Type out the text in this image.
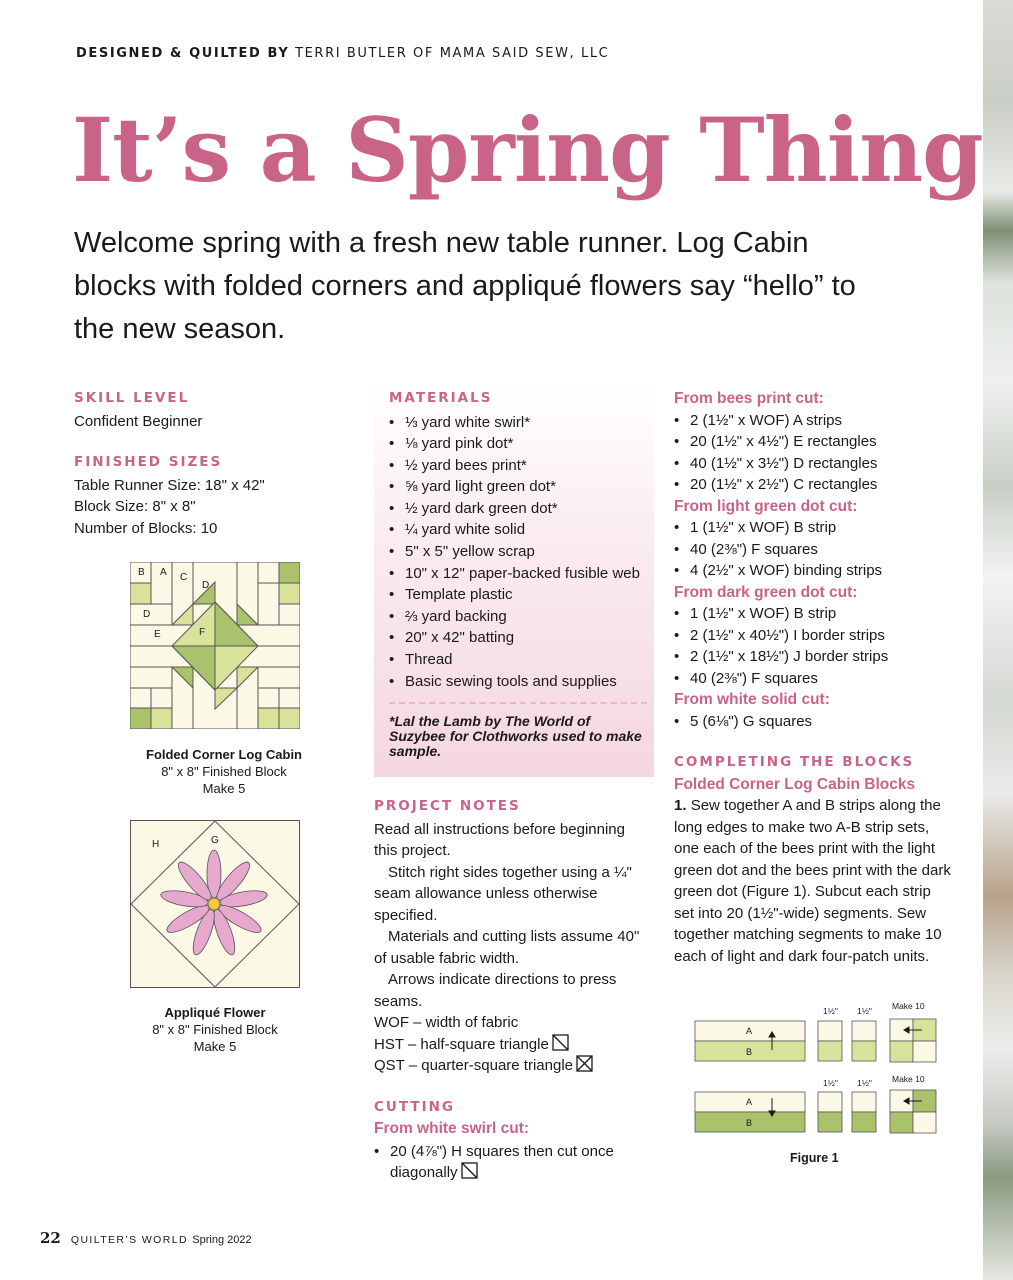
DESIGNED & QUILTED BY TERRI BUTLER OF MAMA SAID SEW, LLC
It’s a Spring Thing
Welcome spring with a fresh new table runner. Log Cabin blocks with folded corners and appliqué flowers say “hello” to the new season.
SKILL LEVEL
Confident Beginner
FINISHED SIZES
Table Runner Size: 18" x 42"
Block Size: 8" x 8"
Number of Blocks: 10
B A C
D
D
E	F
Folded Corner Log Cabin
8" x 8" Finished Block
Make 5
H	G
Appliqué Flower
8" x 8" Finished Block
Make 5
MATERIALS
• ⅓ yard white swirl*
• ⅛ yard pink dot*
• ½ yard bees print*
• ⅝ yard light green dot*
• ½ yard dark green dot*
• ¼ yard white solid
• 5" x 5" yellow scrap
• 10" x 12" paper-backed fusible web
• Template plastic
• ⅔ yard backing
• 20" x 42" batting
• Thread
• Basic sewing tools and supplies
*Lal the Lamb by The World of Suzybee for Clothworks used to make sample.
PROJECT NOTES
Read all instructions before beginning this project.
Stitch right sides together using a ¼" seam allowance unless otherwise specified.
Materials and cutting lists assume 40" of usable fabric width.
Arrows indicate directions to press seams.
WOF – width of fabric
HST – half-square triangle
QST – quarter-square triangle
CUTTING
From white swirl cut:
• 20 (4⅞") H squares then cut once diagonally
From bees print cut:
• 2 (1½" x WOF) A strips
• 20 (1½" x 4½") E rectangles
• 40 (1½" x 3½") D rectangles
• 20 (1½" x 2½") C rectangles
From light green dot cut:
• 1 (1½" x WOF) B strip
• 40 (2⅜") F squares
• 4 (2½" x WOF) binding strips
From dark green dot cut:
• 1 (1½" x WOF) B strip
• 2 (1½" x 40½") I border strips
• 2 (1½" x 18½") J border strips
• 40 (2⅜") F squares
From white solid cut:
• 5 (6⅛") G squares
COMPLETING THE BLOCKS
Folded Corner Log Cabin Blocks
1. Sew together A and B strips along the long edges to make two A-B strip sets, one each of the bees print with the light green dot and the bees print with the dark green dot (Figure 1). Subcut each strip set into 20 (1½"-wide) segments. Sew together matching segments to make 10 each of light and dark four-patch units.
1½" 1½" Make 10
1½" 1½" Make 10
A
B
A
B
Figure 1
22 QUILTER’S WORLD Spring 2022
